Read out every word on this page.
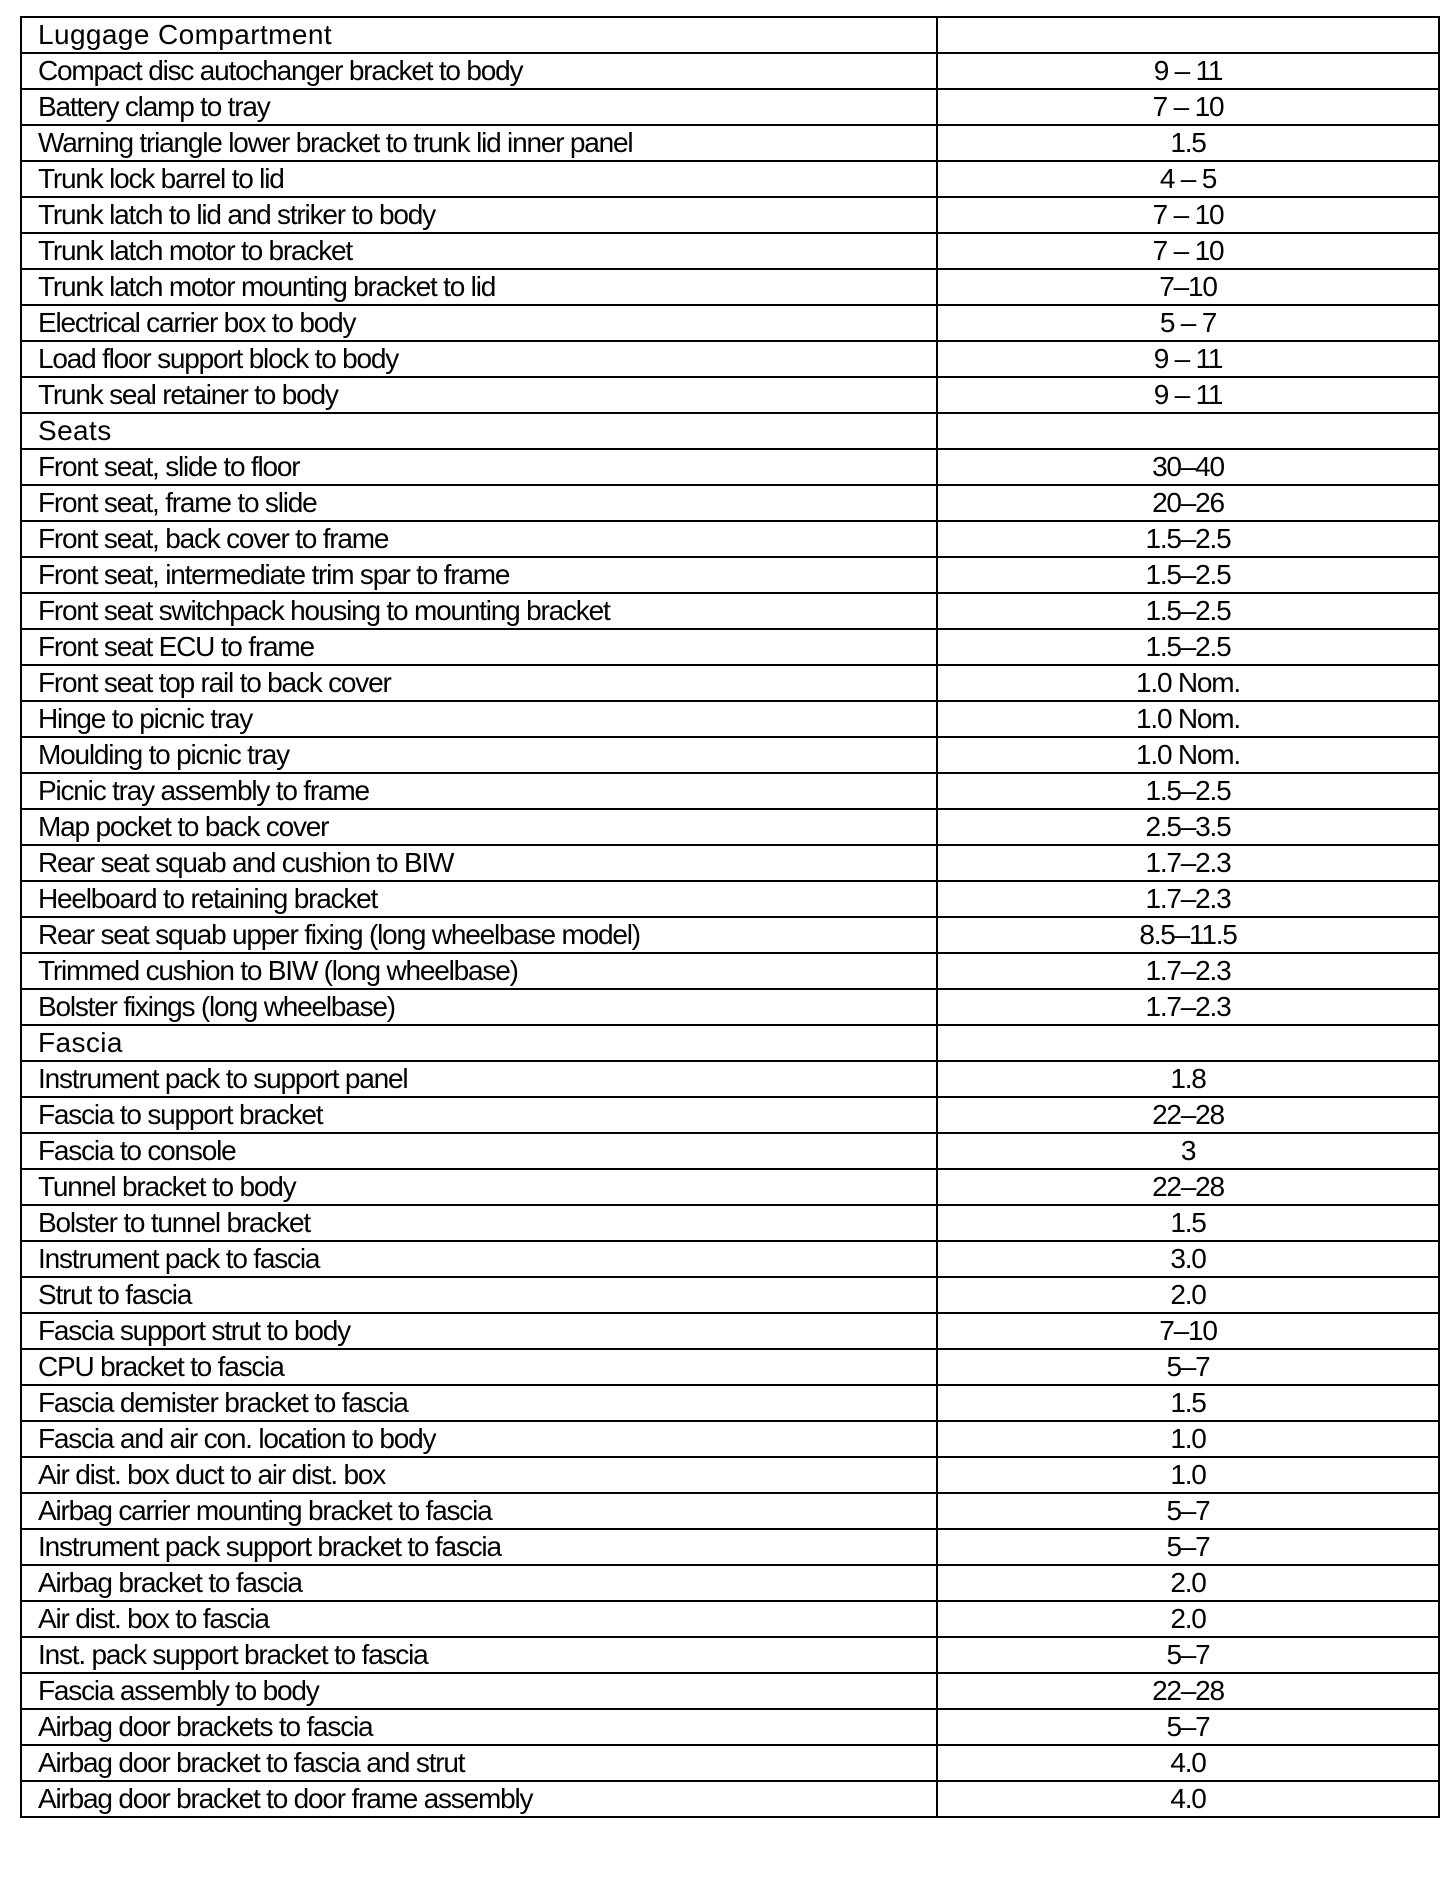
Luggage Compartment	
Compact disc autochanger bracket to body	9 – 11
Battery clamp to tray	7 – 10
Warning triangle lower bracket to trunk lid inner panel	1.5
Trunk lock barrel to lid	4 – 5
Trunk latch to lid and striker to body	7 – 10
Trunk latch motor to bracket	7 – 10
Trunk latch motor mounting bracket to lid	7–10
Electrical carrier box to body	5 – 7
Load floor support block to body	9 – 11
Trunk seal retainer to body	9 – 11
Seats	
Front seat, slide to floor	30–40
Front seat, frame to slide	20–26
Front seat, back cover to frame	1.5–2.5
Front seat, intermediate trim spar to frame	1.5–2.5
Front seat switchpack housing to mounting bracket	1.5–2.5
Front seat ECU to frame	1.5–2.5
Front seat top rail to back cover	1.0 Nom.
Hinge to picnic tray	1.0 Nom.
Moulding to picnic tray	1.0 Nom.
Picnic tray assembly to frame	1.5–2.5
Map pocket to back cover	2.5–3.5
Rear seat squab and cushion to BIW	1.7–2.3
Heelboard to retaining bracket	1.7–2.3
Rear seat squab upper fixing (long wheelbase model)	8.5–11.5
Trimmed cushion to BIW (long wheelbase)	1.7–2.3
Bolster fixings (long wheelbase)	1.7–2.3
Fascia	
Instrument pack to support panel	1.8
Fascia to support bracket	22–28
Fascia to console	3
Tunnel bracket to body	22–28
Bolster to tunnel bracket	1.5
Instrument pack to fascia	3.0
Strut to fascia	2.0
Fascia support strut to body	7–10
CPU bracket to fascia	5–7
Fascia demister bracket to fascia	1.5
Fascia and air con. location to body	1.0
Air dist. box duct to air dist. box	1.0
Airbag carrier mounting bracket to fascia	5–7
Instrument pack support bracket to fascia	5–7
Airbag bracket to fascia	2.0
Air dist. box to fascia	2.0
Inst. pack support bracket to fascia	5–7
Fascia assembly to body	22–28
Airbag door brackets to fascia	5–7
Airbag door bracket to fascia and strut	4.0
Airbag door bracket to door frame assembly	4.0
